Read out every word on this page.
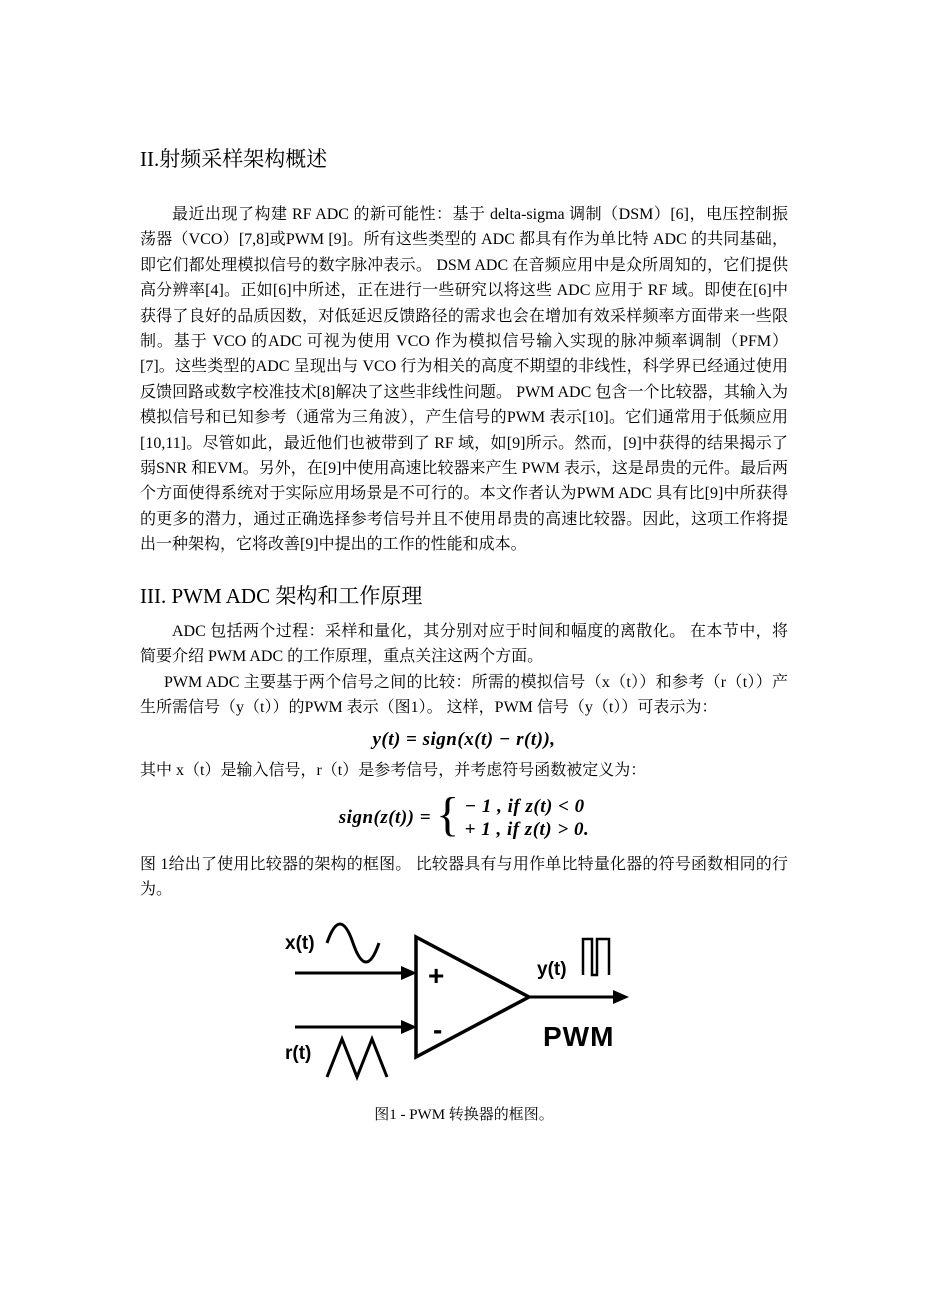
II.射频采样架构概述

最近出现了构建 RF ADC 的新可能性：基于 delta-sigma 调制（DSM）[6]，电压控制振荡器（VCO）[7,8]或PWM [9]。所有这些类型的 ADC 都具有作为单比特 ADC 的共同基础，即它们都处理模拟信号的数字脉冲表示。 DSM ADC 在音频应用中是众所周知的，它们提供高分辨率[4]。正如[6]中所述，正在进行一些研究以将这些 ADC 应用于 RF 域。即使在[6]中获得了良好的品质因数，对低延迟反馈路径的需求也会在增加有效采样频率方面带来一些限制。基于 VCO 的ADC 可视为使用 VCO 作为模拟信号输入实现的脉冲频率调制（PFM）[7]。这些类型的ADC 呈现出与 VCO 行为相关的高度不期望的非线性，科学界已经通过使用反馈回路或数字校准技术[8]解决了这些非线性问题。 PWM ADC 包含一个比较器，其输入为模拟信号和已知参考（通常为三角波），产生信号的PWM 表示[10]。它们通常用于低频应用[10,11]。尽管如此，最近他们也被带到了 RF 域，如[9]所示。然而，[9]中获得的结果揭示了弱SNR 和EVM。另外，在[9]中使用高速比较器来产生 PWM 表示，这是昂贵的元件。最后两个方面使得系统对于实际应用场景是不可行的。本文作者认为PWM ADC 具有比[9]中所获得的更多的潜力，通过正确选择参考信号并且不使用昂贵的高速比较器。因此，这项工作将提出一种架构，它将改善[9]中提出的工作的性能和成本。

III. PWM ADC 架构和工作原理

ADC 包括两个过程：采样和量化，其分别对应于时间和幅度的离散化。 在本节中，将简要介绍 PWM ADC 的工作原理，重点关注这两个方面。

PWM ADC 主要基于两个信号之间的比较：所需的模拟信号（x（t））和参考（r（t））产生所需信号（y（t））的PWM 表示（图1）。 这样，PWM 信号（y（t））可表示为：

y(t) = sign(x(t) − r(t)),

其中 x（t）是输入信号，r（t）是参考信号，并考虑符号函数被定义为：

sign(z(t)) = { − 1 , if z(t) < 0
+ 1 , if z(t) > 0.

图 1给出了使用比较器的架构的框图。 比较器具有与用作单比特量化器的符号函数相同的行为。

+
-
x(t)
r(t)
y(t)
PWM
图1 - PWM 转换器的框图。
